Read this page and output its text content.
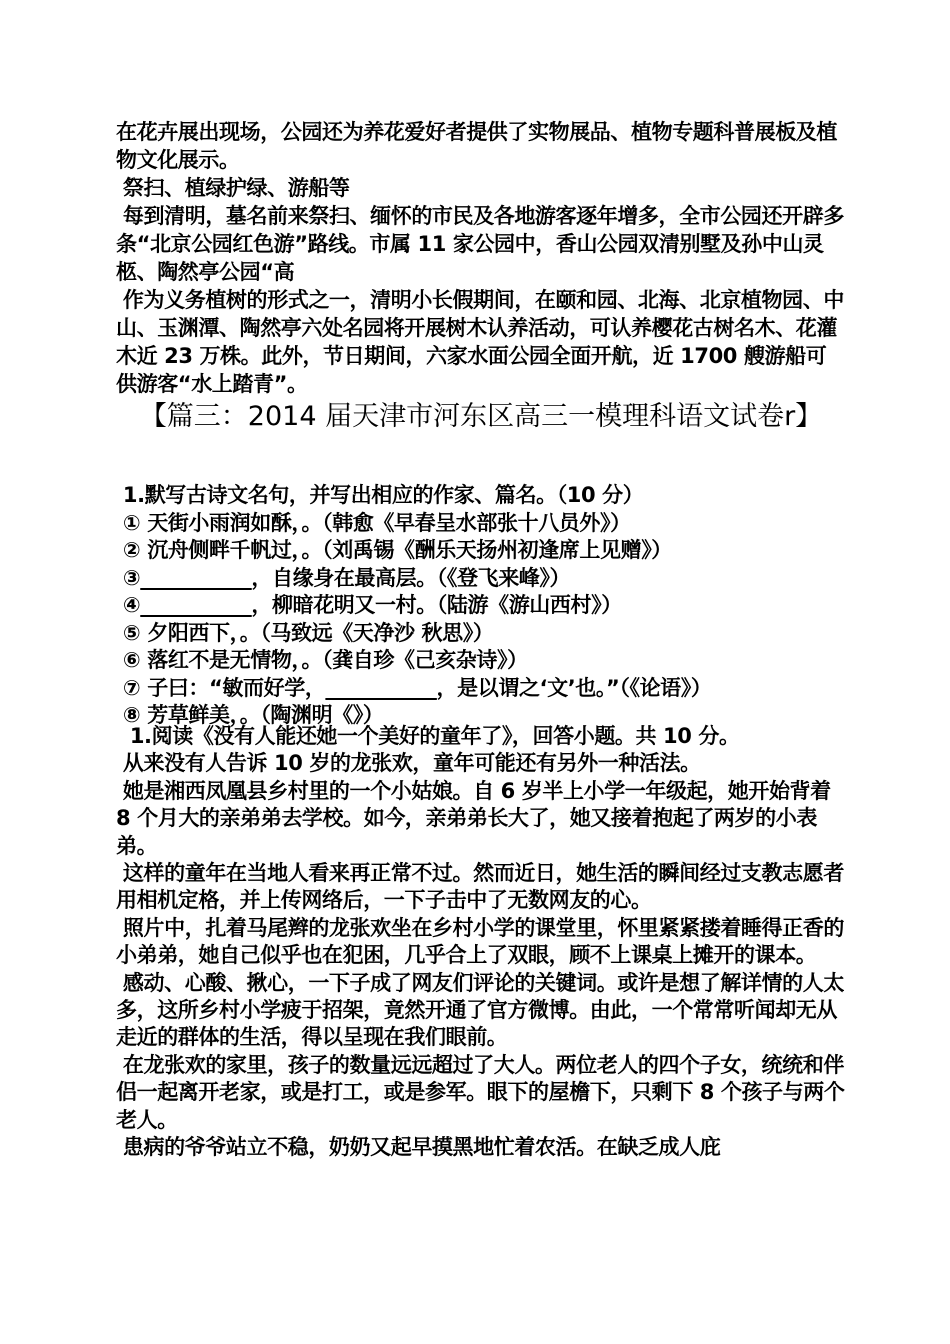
在花卉展出现场，公园还为养花爱好者提供了实物展品、植物专题科普展板及植物文化展示。

祭扫、植绿护绿、游船等

每到清明，墓名前来祭扫、缅怀的市民及各地游客逐年增多，全市公园还开辟多条“北京公园红色游”路线。市属 11 家公园中，香山公园双清别墅及孙中山灵柩、陶然亭公园“高

作为义务植树的形式之一，清明小长假期间，在颐和园、北海、北京植物园、中山、玉渊潭、陶然亭六处名园将开展树木认养活动，可认养樱花古树名木、花灌木近 23 万株。此外，节日期间，六家水面公园全面开航，近 1700 艘游船可供游客“水上踏青”。

【篇三：2014 届天津市河东区高三一模理科语文试卷r】

1.默写古诗文名句，并写出相应的作家、篇名。（10 分）

① 天街小雨润如酥，。（韩愈《早春呈水部张十八员外》）

② 沉舟侧畔千帆过，。（刘禹锡《酬乐天扬州初逢席上见赠》）

③___________，自缘身在最高层。（《登飞来峰》）

④___________，柳暗花明又一村。（陆游《游山西村》）

⑤ 夕阳西下，。（马致远《天净沙 秋思》）

⑥ 落红不是无情物，。（龚自珍《己亥杂诗》）

⑦ 子曰：“敏而好学，___________，是以谓之‘文’也。”（《论语》）

⑧ 芳草鲜美，。（陶渊明《》）

1.阅读《没有人能还她一个美好的童年了》，回答小题。共 10 分。

从来没有人告诉 10 岁的龙张欢，童年可能还有另外一种活法。

她是湘西凤凰县乡村里的一个小姑娘。自 6 岁半上小学一年级起，她开始背着 8 个月大的亲弟弟去学校。如今，亲弟弟长大了，她又接着抱起了两岁的小表弟。

这样的童年在当地人看来再正常不过。然而近日，她生活的瞬间经过支教志愿者用相机定格，并上传网络后，一下子击中了无数网友的心。

照片中，扎着马尾辫的龙张欢坐在乡村小学的课堂里，怀里紧紧搂着睡得正香的小弟弟，她自己似乎也在犯困，几乎合上了双眼，顾不上课桌上摊开的课本。

感动、心酸、揪心，一下子成了网友们评论的关键词。或许是想了解详情的人太多，这所乡村小学疲于招架，竟然开通了官方微博。由此，一个常常听闻却无从走近的群体的生活，得以呈现在我们眼前。

在龙张欢的家里，孩子的数量远远超过了大人。两位老人的四个子女，统统和伴侣一起离开老家，或是打工，或是参军。眼下的屋檐下，只剩下 8 个孩子与两个老人。

患病的爷爷站立不稳，奶奶又起早摸黑地忙着农活。在缺乏成人庇
